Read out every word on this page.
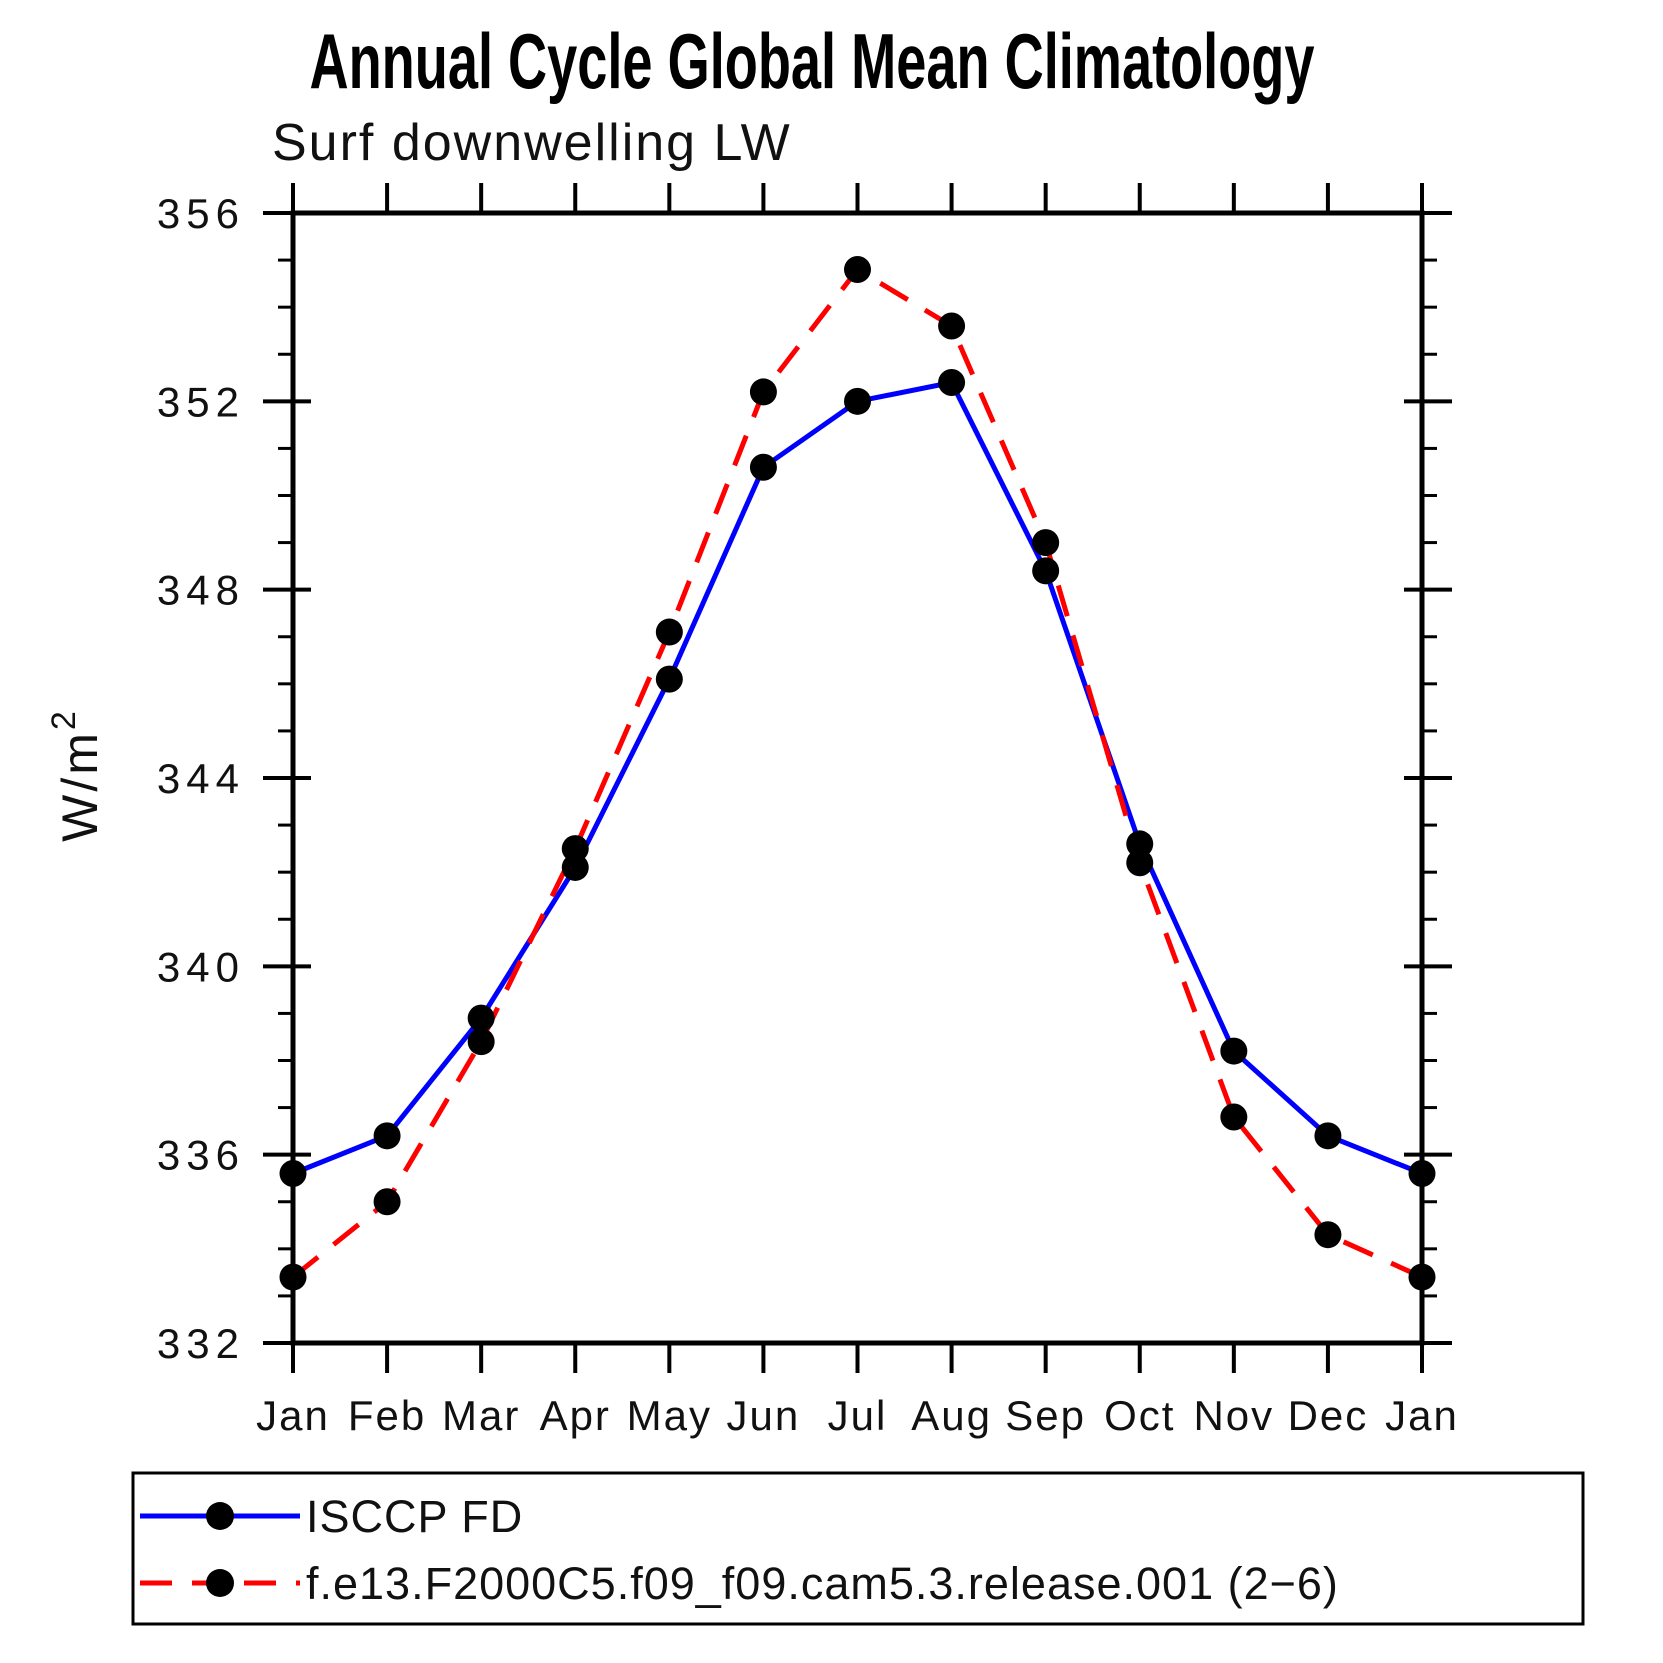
Annual Cycle Global Mean Climatology
Surf downwelling LW
$W/m^2$
332
336
340
344
348
352
356
Jan Feb Mar Apr May Jun Jul Aug Sep Oct Nov Dec Jan
ISCCP FD
f.e13.F2000C5.f09_f09.cam5.3.release.001 (2−6)
